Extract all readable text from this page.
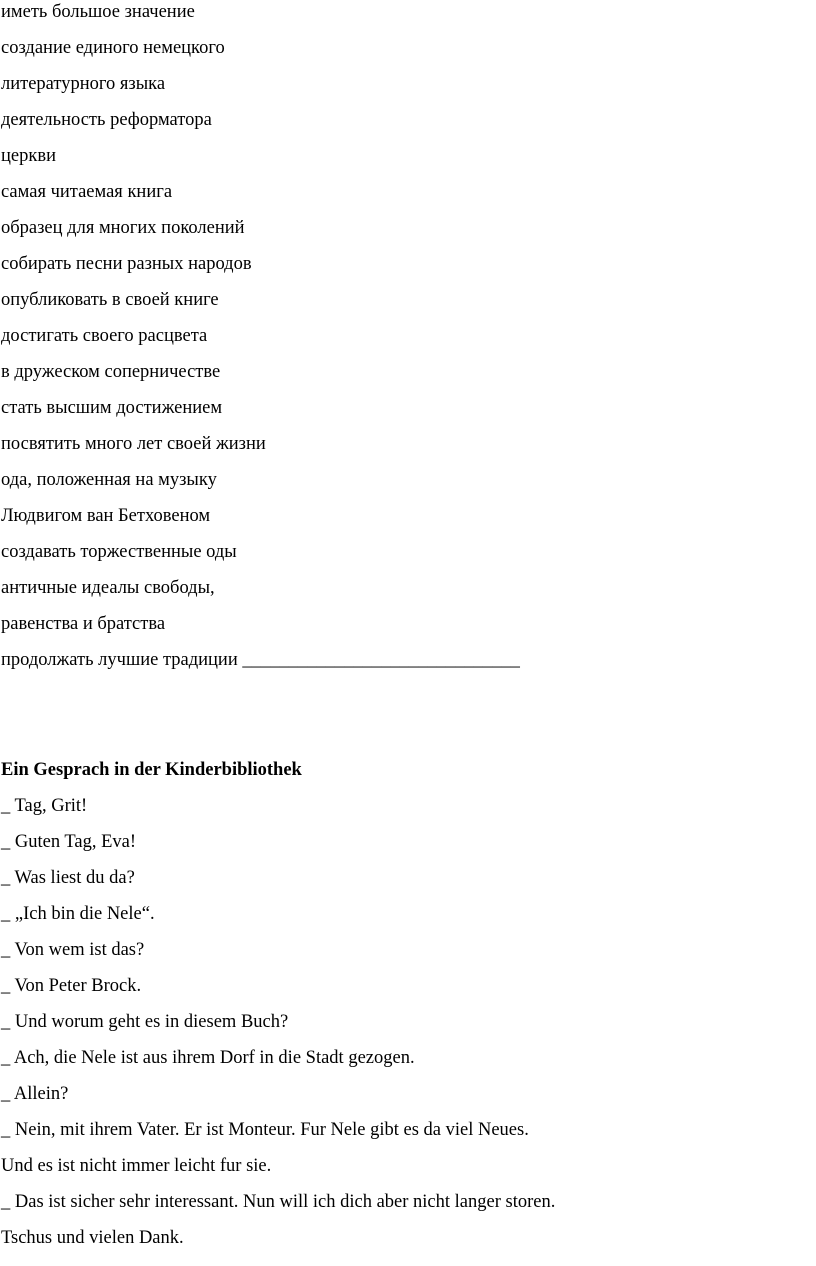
иметь большое значение
создание единого немецкого
литературного языка
деятельность реформатора
церкви
самая читаемая книга
образец для многих поколений
собирать песни разных народов
опубликовать в своей книге
достигать своего расцвета
в дружеском соперничестве
стать высшим достижением
посвятить много лет своей жизни
ода, положенная на музыку
Людвигом ван Бетховеном
создавать торжественные оды
античные идеалы свободы,
равенства и братства
продолжать лучшие традиции ______________________________
Ein Gesprach in der Kinderbibliothek
_ Tag, Grit!
_ Guten Tag, Eva!
_ Was liest du da?
_ „Ich bin die Nele“.
_ Von wem ist das?
_ Von Peter Brock.
_ Und worum geht es in diesem Buch?
_ Ach, die Nele ist aus ihrem Dorf in die Stadt gezogen.
_ Allein?
_ Nein, mit ihrem Vater. Er ist Monteur. Fur Nele gibt es da viel Neues.
Und es ist nicht immer leicht fur sie.
_ Das ist sicher sehr interessant. Nun will ich dich aber nicht langer storen.
Tschus und vielen Dank.
